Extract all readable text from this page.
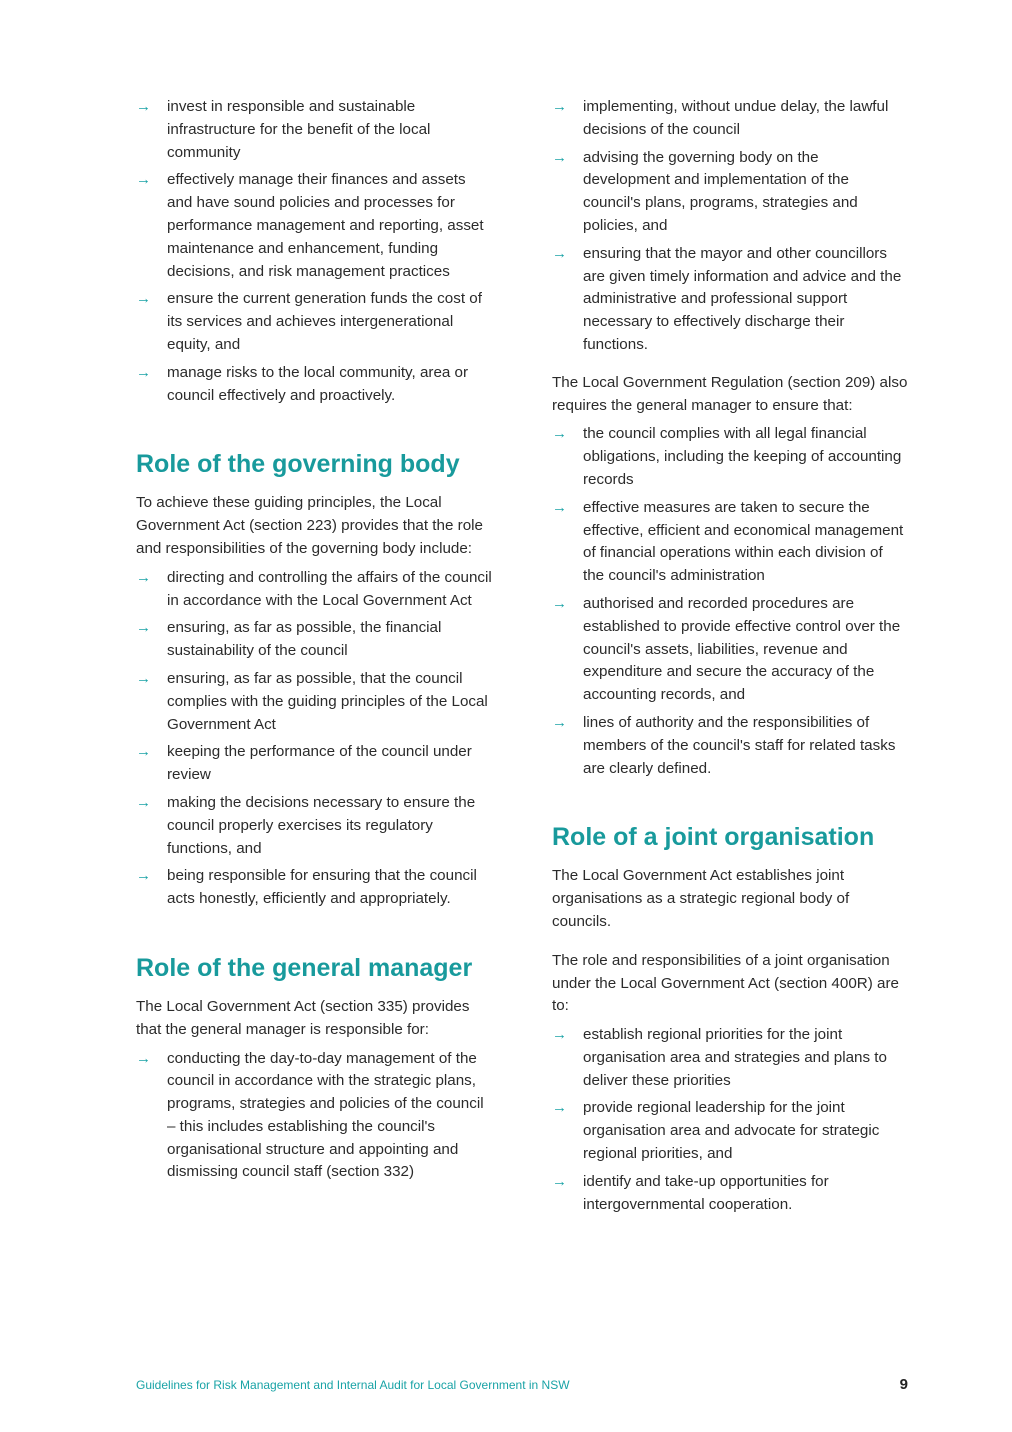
→ invest in responsible and sustainable infrastructure for the benefit of the local community
→ effectively manage their finances and assets and have sound policies and processes for performance management and reporting, asset maintenance and enhancement, funding decisions, and risk management practices
→ ensure the current generation funds the cost of its services and achieves intergenerational equity, and
→ manage risks to the local community, area or council effectively and proactively.
Role of the governing body

To achieve these guiding principles, the Local Government Act (section 223) provides that the role and responsibilities of the governing body include:

→ directing and controlling the affairs of the council in accordance with the Local Government Act
→ ensuring, as far as possible, the financial sustainability of the council
→ ensuring, as far as possible, that the council complies with the guiding principles of the Local Government Act
→ keeping the performance of the council under review
→ making the decisions necessary to ensure the council properly exercises its regulatory functions, and
→ being responsible for ensuring that the council acts honestly, efficiently and appropriately.
Role of the general manager

The Local Government Act (section 335) provides that the general manager is responsible for:

→ conducting the day-to-day management of the council in accordance with the strategic plans, programs, strategies and policies of the council – this includes establishing the council's organisational structure and appointing and dismissing council staff (section 332)
→ implementing, without undue delay, the lawful decisions of the council
→ advising the governing body on the development and implementation of the council's plans, programs, strategies and policies, and
→ ensuring that the mayor and other councillors are given timely information and advice and the administrative and professional support necessary to effectively discharge their functions.

The Local Government Regulation (section 209) also requires the general manager to ensure that:

→ the council complies with all legal financial obligations, including the keeping of accounting records
→ effective measures are taken to secure the effective, efficient and economical management of financial operations within each division of the council's administration
→ authorised and recorded procedures are established to provide effective control over the council's assets, liabilities, revenue and expenditure and secure the accuracy of the accounting records, and
→ lines of authority and the responsibilities of members of the council's staff for related tasks are clearly defined.
Role of a joint organisation

The Local Government Act establishes joint organisations as a strategic regional body of councils.

The role and responsibilities of a joint organisation under the Local Government Act (section 400R) are to:

→ establish regional priorities for the joint organisation area and strategies and plans to deliver these priorities
→ provide regional leadership for the joint organisation area and advocate for strategic regional priorities, and
→ identify and take-up opportunities for intergovernmental cooperation.
Guidelines for Risk Management and Internal Audit for Local Government in NSW	9
